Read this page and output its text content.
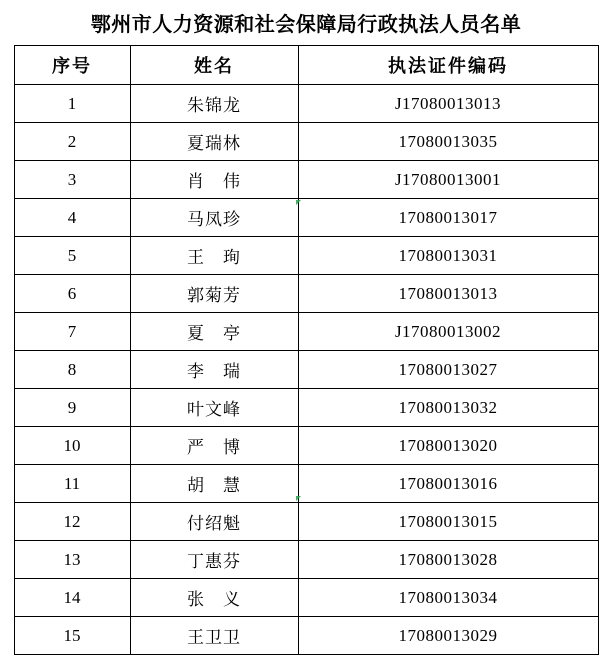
鄂州市人力资源和社会保障局行政执法人员名单
序号	姓名	执法证件编码
1	朱锦龙	J17080013013
2	夏瑞林	17080013035
3	肖　伟	J17080013001
4	马凤珍	17080013017
5	王　珣	17080013031
6	郭菊芳	17080013013
7	夏　亭	J17080013002
8	李　瑞	17080013027
9	叶文峰	17080013032
10	严　博	17080013020
11	胡　慧	17080013016
12	付绍魁	17080013015
13	丁惠芬	17080013028
14	张　义	17080013034
15	王卫卫	17080013029
